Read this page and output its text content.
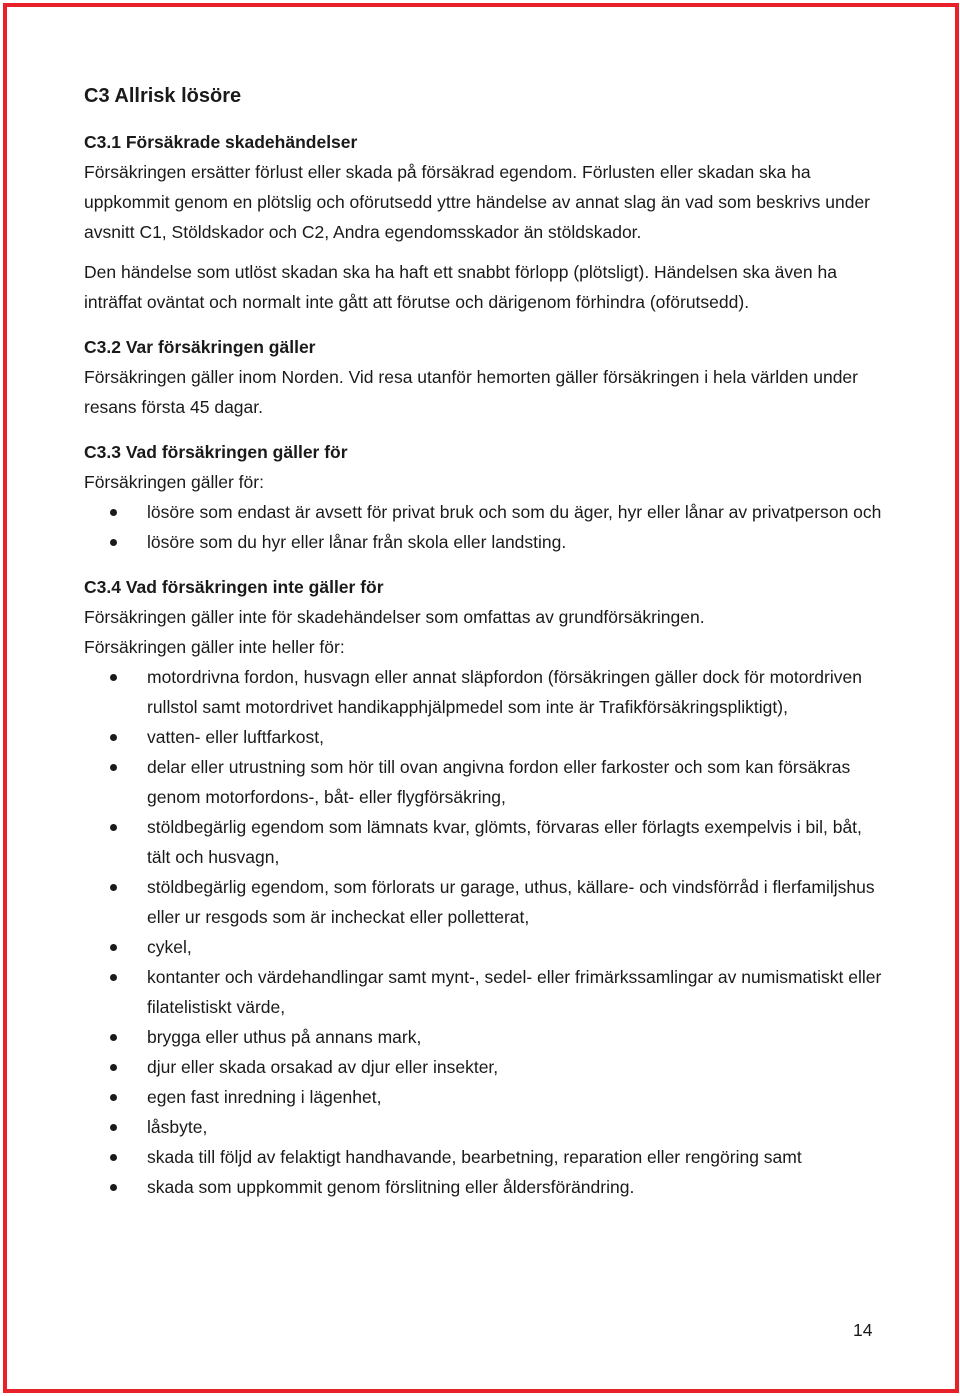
C3 Allrisk lösöre
C3.1 Försäkrade skadehändelser

Försäkringen ersätter förlust eller skada på försäkrad egendom. Förlusten eller skadan ska ha uppkommit genom en plötslig och oförutsedd yttre händelse av annat slag än vad som beskrivs under avsnitt C1, Stöldskador och C2, Andra egendomsskador än stöldskador.

Den händelse som utlöst skadan ska ha haft ett snabbt förlopp (plötsligt). Händelsen ska även ha inträffat oväntat och normalt inte gått att förutse och därigenom förhindra (oförutsedd).

C3.2 Var försäkringen gäller

Försäkringen gäller inom Norden. Vid resa utanför hemorten gäller försäkringen i hela världen under resans första 45 dagar.

C3.3 Vad försäkringen gäller för

Försäkringen gäller för:

lösöre som endast är avsett för privat bruk och som du äger, hyr eller lånar av privatperson och
lösöre som du hyr eller lånar från skola eller landsting.
C3.4 Vad försäkringen inte gäller för

Försäkringen gäller inte för skadehändelser som omfattas av grundförsäkringen.

Försäkringen gäller inte heller för:

motordrivna fordon, husvagn eller annat släpfordon (försäkringen gäller dock för motordriven rullstol samt motordrivet handikapphjälpmedel som inte är Trafikförsäkringspliktigt),
vatten- eller luftfarkost,
delar eller utrustning som hör till ovan angivna fordon eller farkoster och som kan försäkras genom motorfordons-, båt- eller flygförsäkring,
stöldbegärlig egendom som lämnats kvar, glömts, förvaras eller förlagts exempelvis i bil, båt, tält och husvagn,
stöldbegärlig egendom, som förlorats ur garage, uthus, källare- och vindsförråd i flerfamiljshus eller ur resgods som är incheckat eller polletterat,
cykel,
kontanter och värdehandlingar samt mynt-, sedel- eller frimärkssamlingar av numismatiskt eller filatelistiskt värde,
brygga eller uthus på annans mark,
djur eller skada orsakad av djur eller insekter,
egen fast inredning i lägenhet,
låsbyte,
skada till följd av felaktigt handhavande, bearbetning, reparation eller rengöring samt
skada som uppkommit genom förslitning eller åldersförändring.
14
